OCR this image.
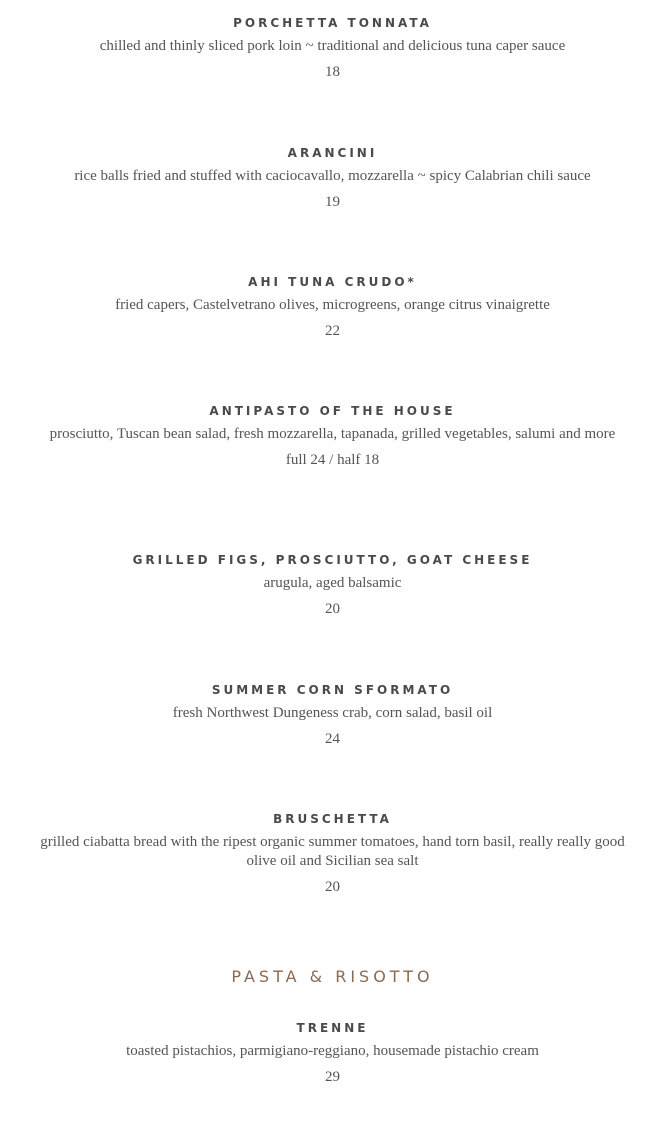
PORCHETTA TONNATA
chilled and thinly sliced pork loin ~ traditional and delicious tuna caper sauce
18
ARANCINI
rice balls fried and stuffed with caciocavallo, mozzarella ~ spicy Calabrian chili sauce
19
AHI TUNA CRUDO*
fried capers, Castelvetrano olives, microgreens, orange citrus vinaigrette
22
ANTIPASTO OF THE HOUSE
prosciutto, Tuscan bean salad, fresh mozzarella, tapanada, grilled vegetables, salumi and more
full 24 / half 18
GRILLED FIGS, PROSCIUTTO, GOAT CHEESE
arugula, aged balsamic
20
SUMMER CORN SFORMATO
fresh Northwest Dungeness crab, corn salad, basil oil
24
BRUSCHETTA
grilled ciabatta bread with the ripest organic summer tomatoes, hand torn basil, really really good olive oil and Sicilian sea salt
20
PASTA & RISOTTO
TRENNE
toasted pistachios, parmigiano-reggiano, housemade pistachio cream
29
